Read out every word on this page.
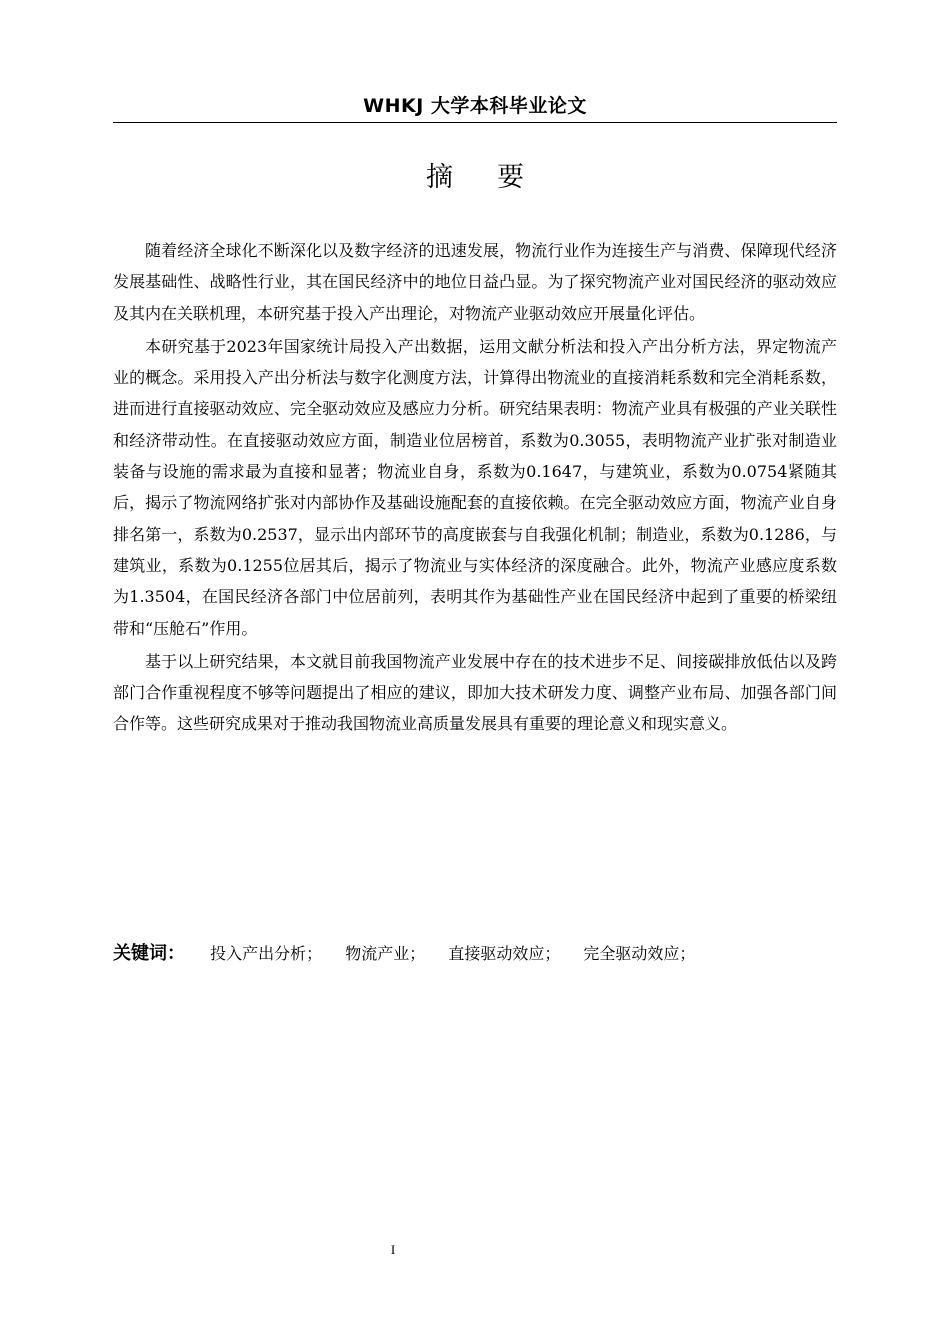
WHKJ 大学本科毕业论文
摘要

随着经济全球化不断深化以及数字经济的迅速发展，物流行业作为连接生产与消费、保障现代经济发展基础性、战略性行业，其在国民经济中的地位日益凸显。为了探究物流产业对国民经济的驱动效应及其内在关联机理，本研究基于投入产出理论，对物流产业驱动效应开展量化评估。

本研究基于2023年国家统计局投入产出数据，运用文献分析法和投入产出分析方法，界定物流产业的概念。采用投入产出分析法与数字化测度方法，计算得出物流业的直接消耗系数和完全消耗系数，进而进行直接驱动效应、完全驱动效应及感应力分析。研究结果表明：物流产业具有极强的产业关联性和经济带动性。在直接驱动效应方面，制造业位居榜首，系数为0.3055，表明物流产业扩张对制造业装备与设施的需求最为直接和显著；物流业自身，系数为0.1647，与建筑业，系数为0.0754紧随其后，揭示了物流网络扩张对内部协作及基础设施配套的直接依赖。在完全驱动效应方面，物流产业自身排名第一，系数为0.2537，显示出内部环节的高度嵌套与自我强化机制；制造业，系数为0.1286，与建筑业，系数为0.1255位居其后，揭示了物流业与实体经济的深度融合。此外，物流产业感应度系数为1.3504，在国民经济各部门中位居前列，表明其作为基础性产业在国民经济中起到了重要的桥梁纽带和“压舱石”作用。

基于以上研究结果，本文就目前我国物流产业发展中存在的技术进步不足、间接碳排放低估以及跨部门合作重视程度不够等问题提出了相应的建议，即加大技术研发力度、调整产业布局、加强各部门间合作等。这些研究成果对于推动我国物流业高质量发展具有重要的理论意义和现实意义。

关键词： 投入产出分析； 物流产业； 直接驱动效应； 完全驱动效应；
I
